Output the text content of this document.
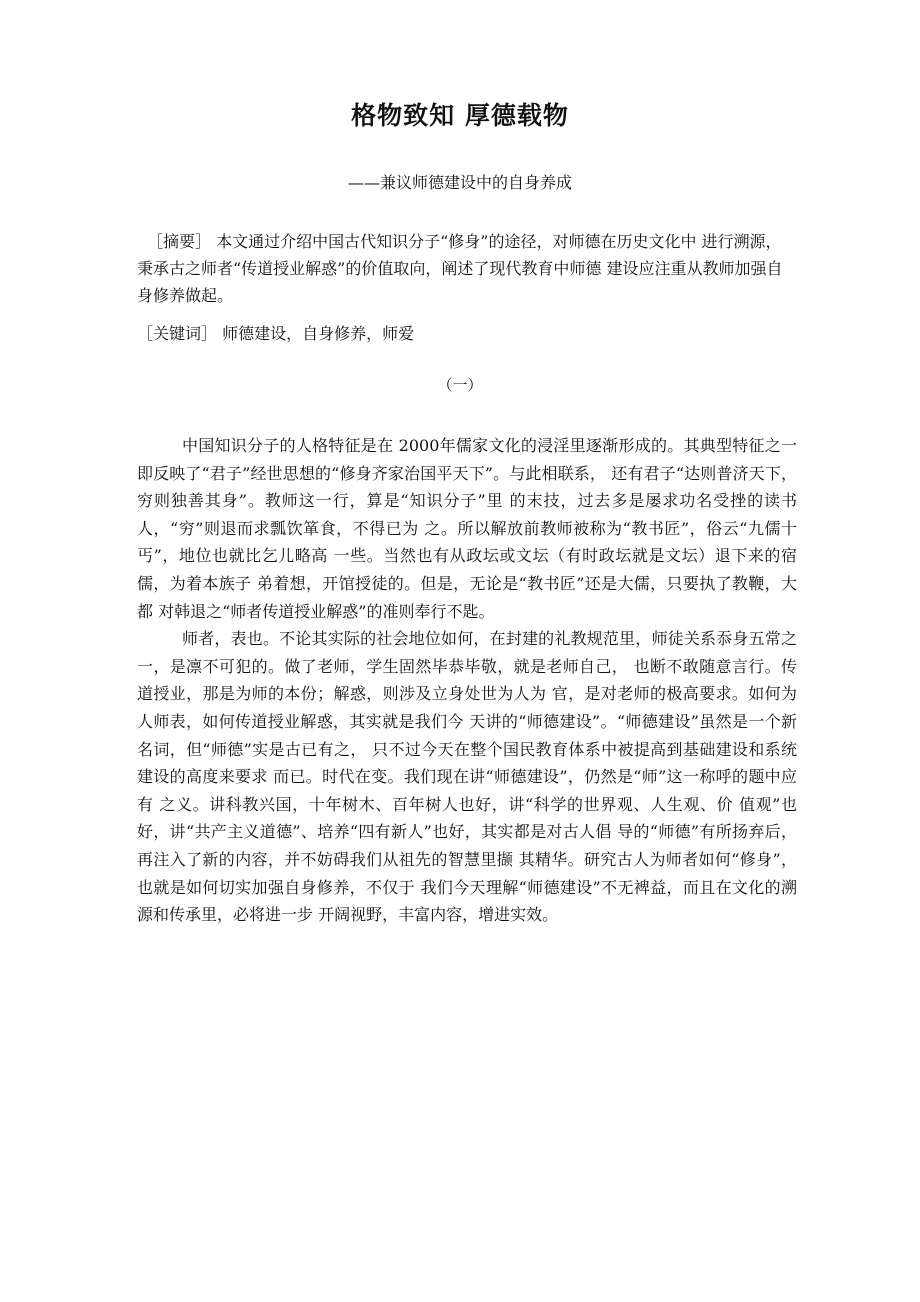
格物致知 厚德载物

——兼议师德建设中的自身养成

［摘要］ 本文通过介绍中国古代知识分子“修身”的途径，对师德在历史文化中 进行溯源，秉承古之师者“传道授业解惑”的价值取向，阐述了现代教育中师德 建设应注重从教师加强自身修养做起。

［关键词］ 师德建设，自身修养，师爱

（一）

中国知识分子的人格特征是在 2000年儒家文化的浸淫里逐渐形成的。其典型特征之一即反映了“君子”经世思想的“修身齐家治国平天下”。与此相联系， 还有君子“达则普济天下，穷则独善其身”。教师这一行，算是“知识分子”里 的末技，过去多是屡求功名受挫的读书人，“穷”则退而求瓢饮箪食，不得已为 之。所以解放前教师被称为“教书匠”，俗云“九儒十丐”，地位也就比乞儿略高 一些。当然也有从政坛或文坛（有时政坛就是文坛）退下来的宿儒，为着本族子 弟着想，开馆授徒的。但是，无论是“教书匠”还是大儒，只要执了教鞭，大都 对韩退之“师者传道授业解惑”的准则奉行不匙。

师者，表也。不论其实际的社会地位如何，在封建的礼教规范里，师徒关系忝身五常之一，是凛不可犯的。做了老师，学生固然毕恭毕敬，就是老师自己， 也断不敢随意言行。传道授业，那是为师的本份；解惑，则涉及立身处世为人为 官，是对老师的极高要求。如何为人师表，如何传道授业解惑，其实就是我们今 天讲的“师德建设”。“师德建设”虽然是一个新名词，但“师德”实是古已有之， 只不过今天在整个国民教育体系中被提高到基础建设和系统建设的高度来要求 而已。时代在变。我们现在讲“师德建设”，仍然是“师”这一称呼的题中应有 之义。讲科教兴国，十年树木、百年树人也好，讲“科学的世界观、人生观、价 值观”也好，讲“共产主义道德”、培养“四有新人”也好，其实都是对古人倡 导的“师德”有所扬弃后，再注入了新的内容，并不妨碍我们从祖先的智慧里撷 其精华。研究古人为师者如何“修身”，也就是如何切实加强自身修养，不仅于 我们今天理解“师德建设”不无裨益，而且在文化的溯源和传承里，必将进一步 开阔视野，丰富内容，增进实效。
